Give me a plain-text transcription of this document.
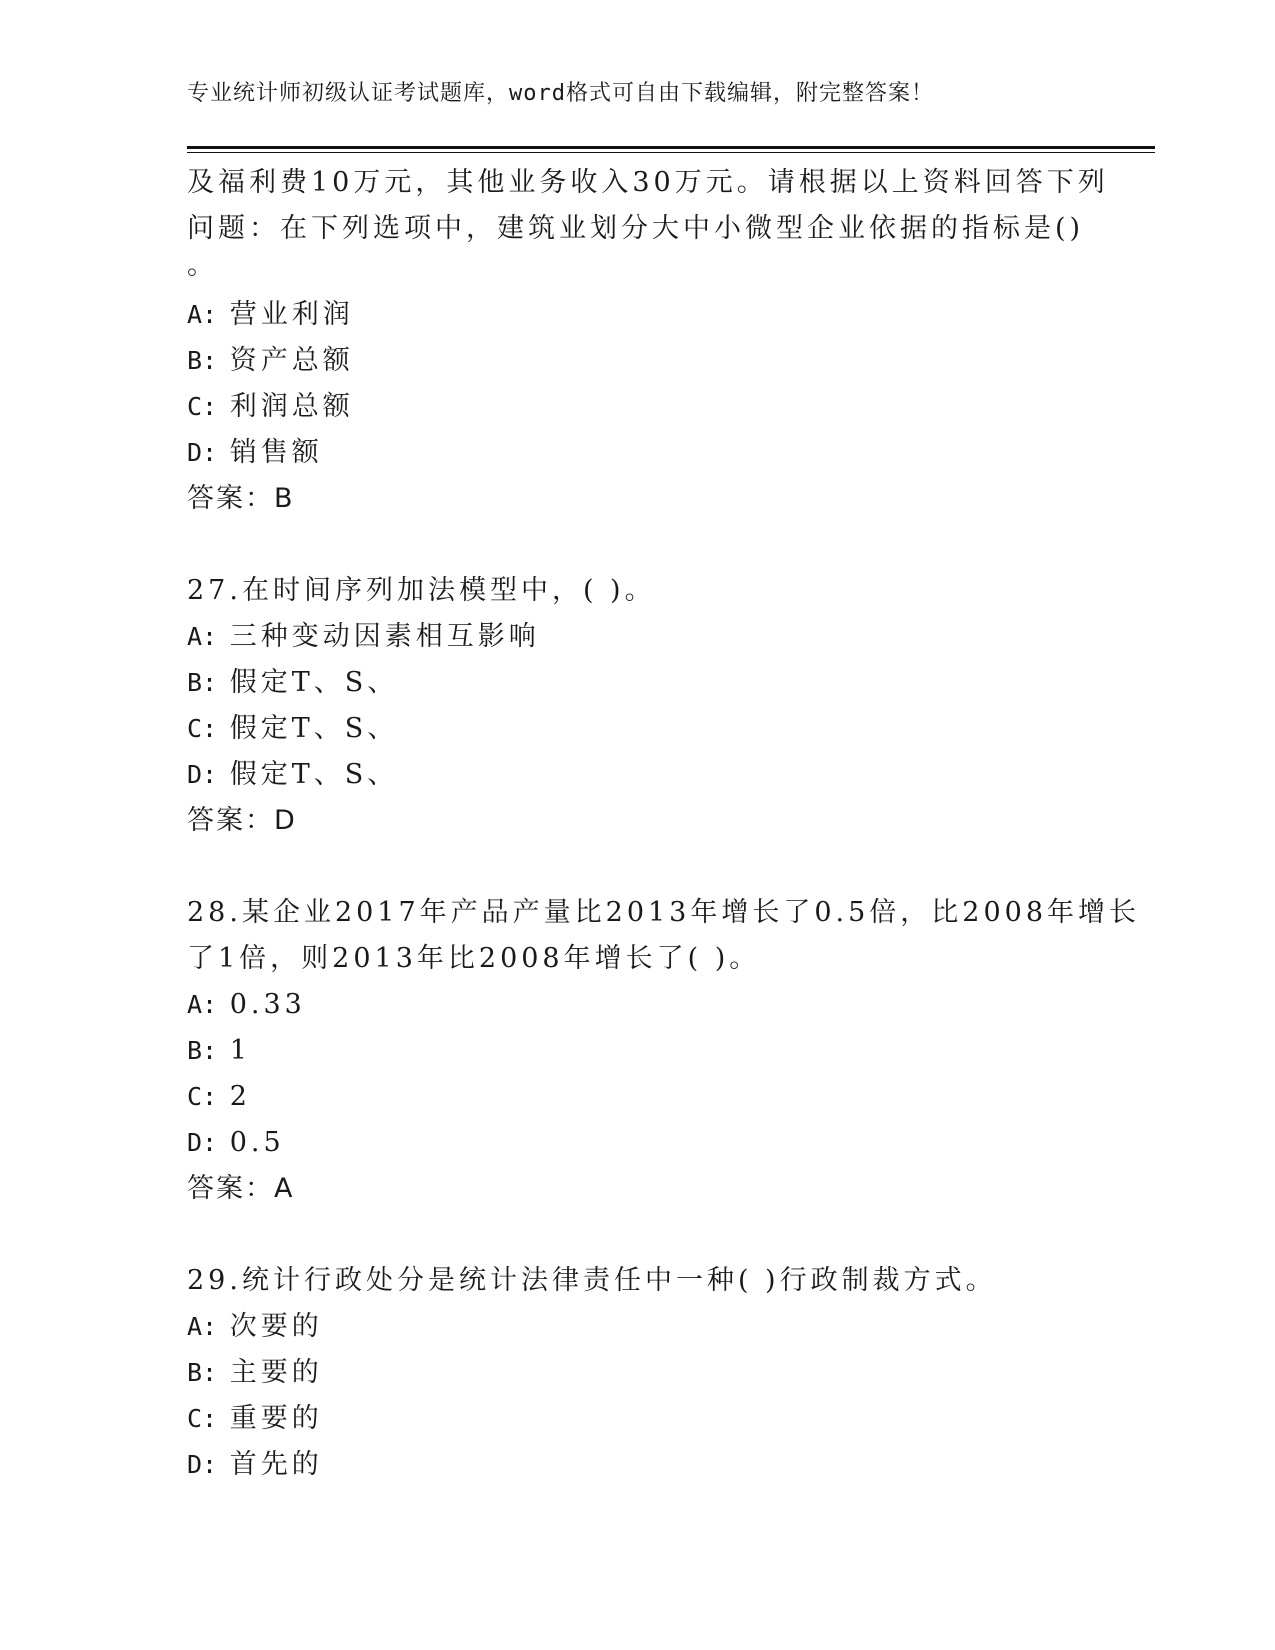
专业统计师初级认证考试题库，word格式可自由下载编辑，附完整答案！
及福利费10万元，其他业务收入30万元。请根据以上资料回答下列
问题：在下列选项中，建筑业划分大中小微型企业依据的指标是()
。
A: 营业利润
B: 资产总额
C: 利润总额
D: 销售额
答案：B
27.在时间序列加法模型中，( )。
A: 三种变动因素相互影响
B: 假定T、S、
C: 假定T、S、
D: 假定T、S、
答案：D
28.某企业2017年产品产量比2013年增长了0.5倍，比2008年增长
了1倍，则2013年比2008年增长了( )。
A: 0.33
B: 1
C: 2
D: 0.5
答案：A
29.统计行政处分是统计法律责任中一种( )行政制裁方式。
A: 次要的
B: 主要的
C: 重要的
D: 首先的
